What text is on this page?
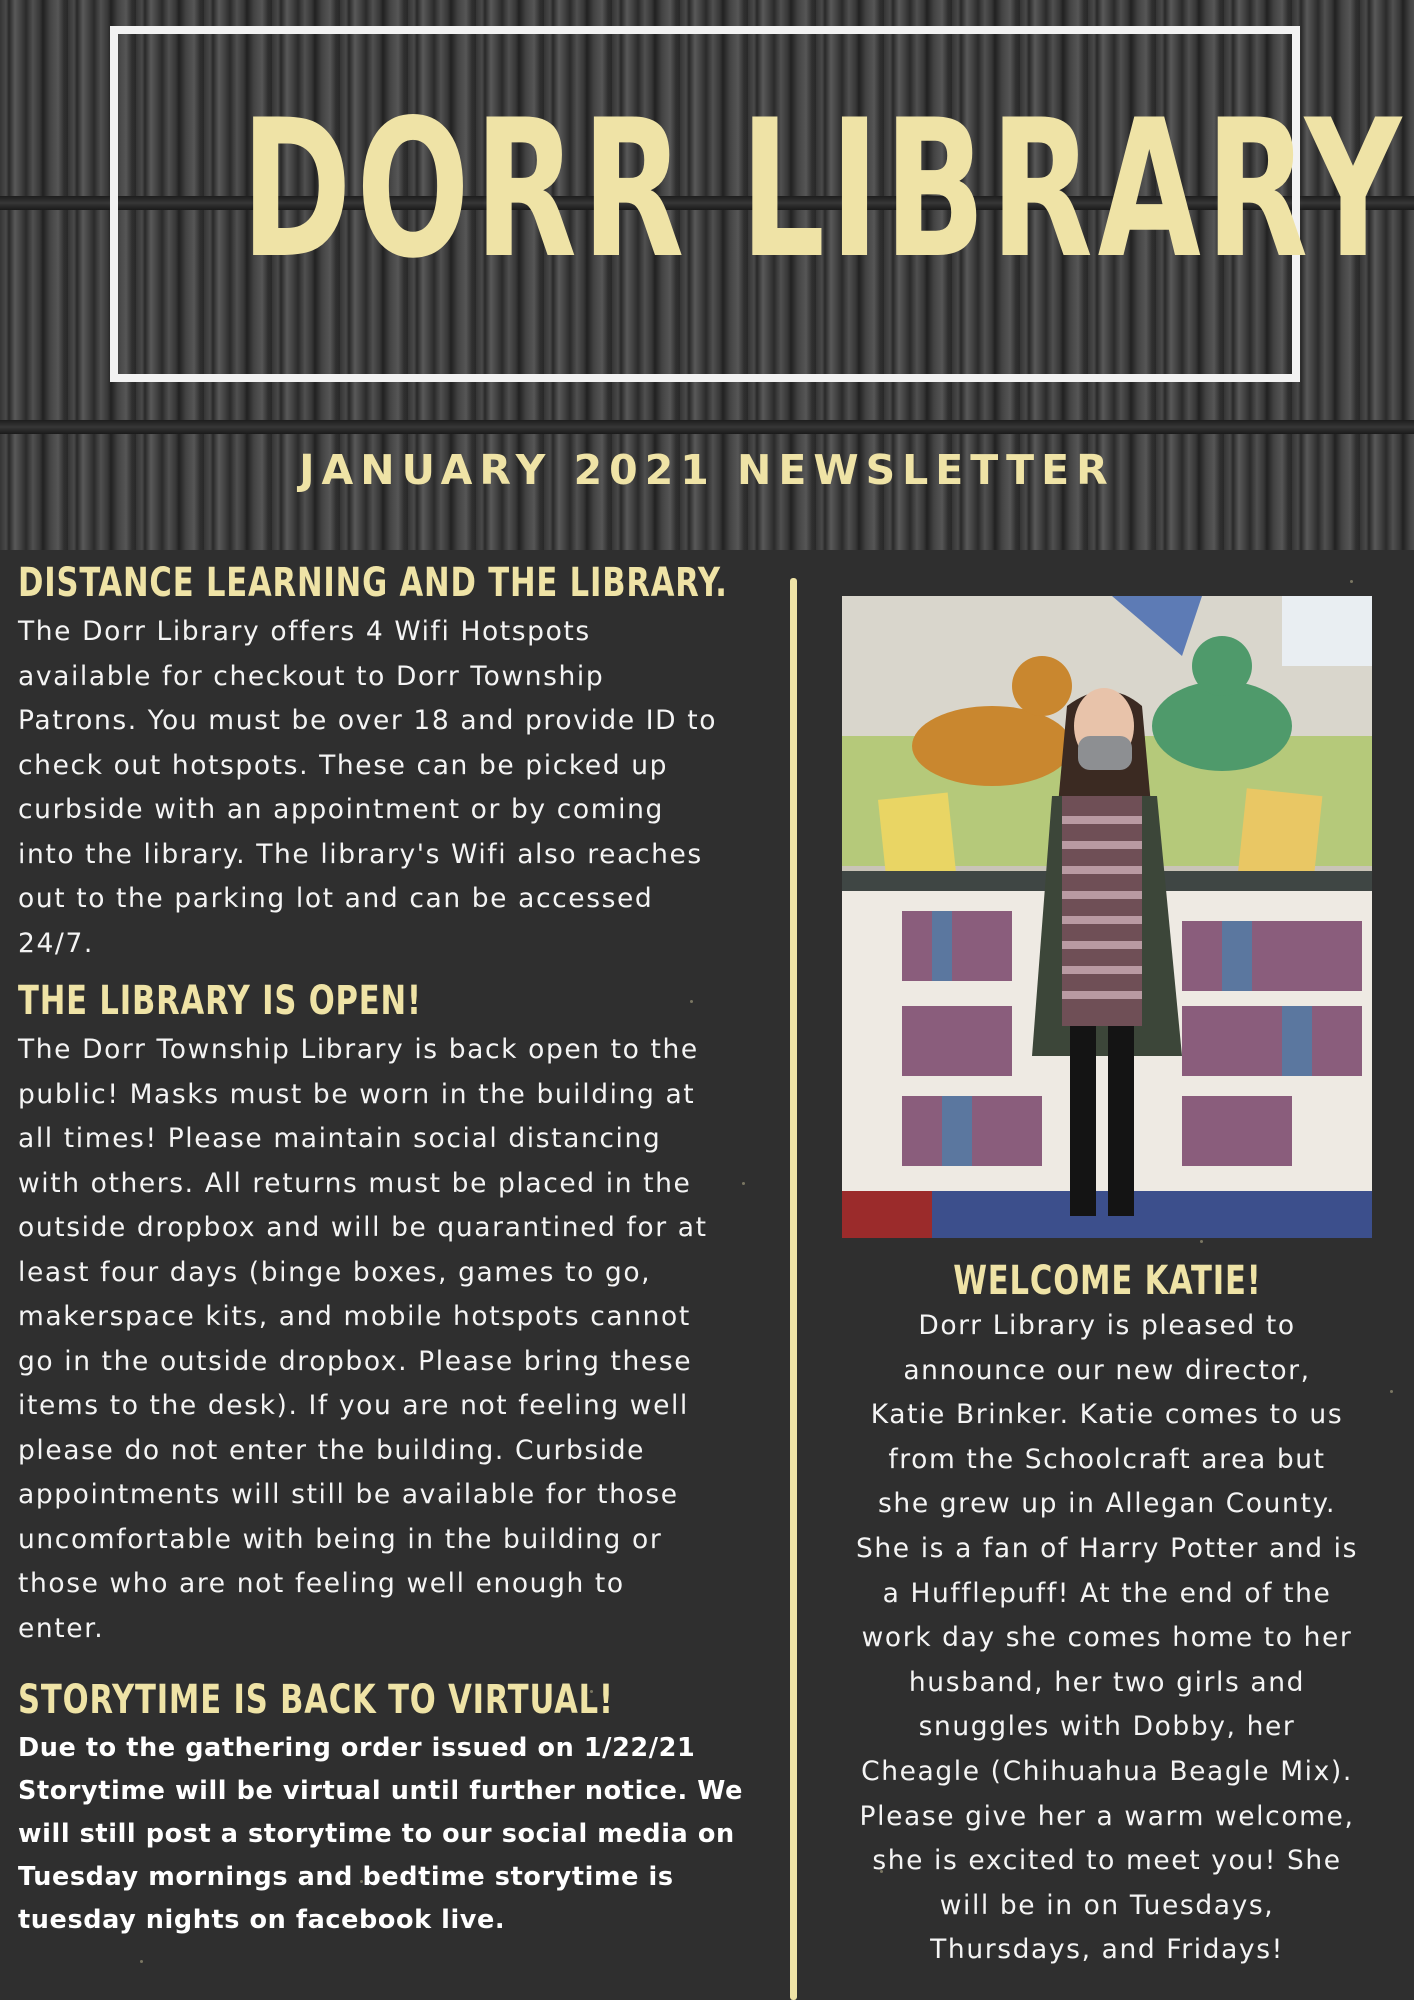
DORR LIBRARY
JANUARY 2021 NEWSLETTER
DISTANCE LEARNING AND THE LIBRARY.

The Dorr Library offers 4 Wifi Hotspots

available for checkout to Dorr Township

Patrons. You must be over 18 and provide ID to

check out hotspots. These can be picked up

curbside with an appointment or by coming

into the library. The library's Wifi also reaches

out to the parking lot and can be accessed

24/7.

THE LIBRARY IS OPEN!

The Dorr Township Library is back open to the

public! Masks must be worn in the building at

all times! Please maintain social distancing

with others. All returns must be placed in the

outside dropbox and will be quarantined for at

least four days (binge boxes, games to go,

makerspace kits, and mobile hotspots cannot

go in the outside dropbox. Please bring these

items to the desk). If you are not feeling well

please do not enter the building. Curbside

appointments will still be available for those

uncomfortable with being in the building or

those who are not feeling well enough to

enter.

STORYTIME IS BACK TO VIRTUAL!

Due to the gathering order issued on 1/22/21

Storytime will be virtual until further notice. We

will still post a storytime to our social media on

Tuesday mornings and bedtime storytime is

tuesday nights on facebook live.

WELCOME KATIE!

Dorr Library is pleased to

announce our new director,

Katie Brinker. Katie comes to us

from the Schoolcraft area but

she grew up in Allegan County.

She is a fan of Harry Potter and is

a Hufflepuff! At the end of the

work day she comes home to her

husband, her two girls and

snuggles with Dobby, her

Cheagle (Chihuahua Beagle Mix).

Please give her a warm welcome,

she is excited to meet you! She

will be in on Tuesdays,

Thursdays, and Fridays!
